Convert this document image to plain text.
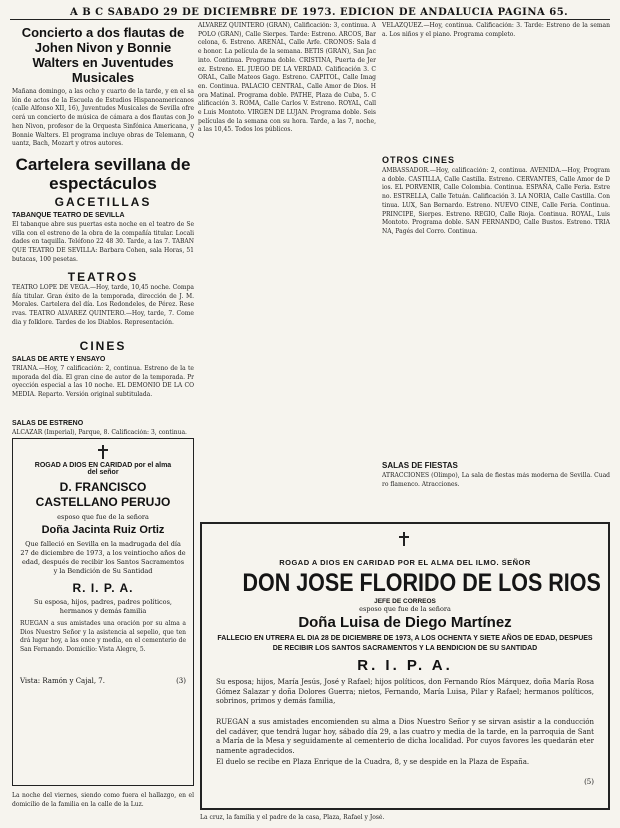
A B C SABADO 29 DE DICIEMBRE DE 1973. EDICION DE ANDALUCIA PAGINA 65.
Concierto a dos flautas de Johen Nivon y Bonnie Walters en Juventudes Musicales
Mañana domingo, a las ocho y cuarto de la tarde, y en el salón de actos de la Escuela de Estudios Hispanoamericanos (calle Alfonso XII, 16), Juventudes Musicales de Sevilla ofrecerá un concierto de música de cámara a dos flautas con Johen Nivon, profesor de la Orquesta Sinfónica Americana, y Bonnie Walters. El programa incluye obras de Telemann, Quantz, Bach, Mozart y otros autores.
Cartelera sevillana de espectáculos
GACETILLAS
TABANQUE TEATRO DE SEVILLA
El tabanque abre sus puertas esta noche en el teatro de Sevilla con el estreno de la obra de la compañía titular. Localidades en taquilla. Teléfono 22 48 30. Tarde, a las 7. TABANQUE TEATRO DE SEVILLA: Barbara Cohen, sala Horas, 51 butacas, 100 pesetas.
TEATROS
TEATRO LOPE DE VEGA.—Hoy, tarde, 10,45 noche. Compañía titular. Gran éxito de la temporada, dirección de J. M. Morales. Cartelera del día. Los Redondeles, de Pérez. Reservas. TEATRO ALVAREZ QUINTERO.—Hoy, tarde, 7. Comedia y folklore. Tardes de los Diablos. Representación.
CINES
SALAS DE ARTE Y ENSAYO
TRIANA.—Hoy, 7 calificación: 2, continua. Estreno de la temporada del día. El gran cine de autor de la temporada. Proyección especial a las 10 noche. EL DEMONIO DE LA COMEDIA. Reparto. Versión original subtitulada.
SALAS DE ESTRENO
ALCAZAR (Imperial), Parque, 8. Calificación: 3, continua.
ROGAD A DIOS EN CARIDAD por el alma del señor
D. FRANCISCO CASTELLANO PERUJO
esposo que fue de la señora
Doña Jacinta Ruiz Ortiz
Que falleció en Sevilla en la madrugada del día 27 de diciembre de 1973, a los veintiocho años de edad, después de recibir los Santos Sacramentos y la Bendición de Su Santidad
R. I. P. A.
Su esposa, hijos, padres, padres políticos, hermanos y demás familia
RUEGAN a sus amistades una oración por su alma a Dios Nuestro Señor y la asistencia al sepelio, que tendrá lugar hoy, a las once y media, en el cementerio de San Fernando. Domicilio: Vista Alegre, 5.
Vista: Ramón y Cajal, 7.	(3)
La noche del viernes, siendo como fuera el hallazgo, en el domicilio de la familia en la calle de la Luz.
ALVAREZ QUINTERO (GRAN), Calificación: 3, continua. APOLO (GRAN), Calle Sierpes. Tarde: Estreno. ARCOS, Barcelona, 6. Estreno. ARENAL, Calle Arfe. CRONOS: Sala de honor. La película de la semana. BETIS (GRAN), San Jacinto. Continua. Programa doble. CRISTINA, Puerta de Jerez. Estreno. EL JUEGO DE LA VERDAD. Calificación 3. CORAL, Calle Mateos Gago. Estreno. CAPITOL, Calle Imagen. Continua. PALACIO CENTRAL, Calle Amor de Dios. Hora Matinal. Programa doble. PATHE, Plaza de Cuba, 5. Calificación 3. ROMA, Calle Carlos V. Estreno. ROYAL, Calle Luis Montoto. VIRGEN DE LUJAN. Programa doble. Seis películas de la semana con su hora. Tarde, a las 7, noche, a las 10,45. Todos los públicos.
VELAZQUEZ.—Hoy, continua. Calificación: 3. Tarde: Estreno de la semana. Los niños y el piano. Programa completo.
OTROS CINES
AMBASSADOR.—Hoy, calificación: 2, continua. AVENIDA.—Hoy, Programa doble. CASTILLA, Calle Castilla. Estreno. CERVANTES, Calle Amor de Dios. EL PORVENIR, Calle Colombia. Continua. ESPAÑA, Calle Feria. Estreno. ESTRELLA, Calle Tetuán. Calificación 3. LA NORIA, Calle Castilla. Continua. LUX, San Bernardo. Estreno. NUEVO CINE, Calle Feria. Continua. PRINCIPE, Sierpes. Estreno. REGIO, Calle Rioja. Continua. ROYAL, Luis Montoto. Programa doble. SAN FERNANDO, Calle Bustos. Estreno. TRIANA, Pagés del Corro. Continua.
SALAS DE FIESTAS
ATRACCIONES (Olimpo), La sala de fiestas más moderna de Sevilla. Cuadro flamenco. Atracciones.
ROGAD A DIOS EN CARIDAD POR EL ALMA DEL ILMO. SEÑOR
DON JOSE FLORIDO DE LOS RIOS
JEFE DE CORREOS
esposo que fue de la señora
Doña Luisa de Diego Martínez
FALLECIO EN UTRERA EL DIA 28 DE DICIEMBRE DE 1973, A LOS OCHENTA Y SIETE AÑOS DE EDAD, DESPUES DE RECIBIR LOS SANTOS SACRAMENTOS Y LA BENDICION DE SU SANTIDAD
R. I. P. A.
Su esposa; hijos, María Jesús, José y Rafael; hijos políticos, don Fernando Ríos Márquez, doña María Rosa Gómez Salazar y doña Dolores Guerra; nietos, Fernando, María Luisa, Pilar y Rafael; hermanos políticos, sobrinos, primos y demás familia,
RUEGAN a sus amistades encomienden su alma a Dios Nuestro Señor y se sirvan asistir a la conducción del cadáver, que tendrá lugar hoy, sábado día 29, a las cuatro y media de la tarde, en la parroquia de Santa María de la Mesa y seguidamente al cementerio de dicha localidad. Por cuyos favores les quedarán eternamente agradecidos.
El duelo se recibe en Plaza Enrique de la Cuadra, 8, y se despide en la Plaza de España.
(5)
La cruz, la familia y el padre de la casa, Plaza, Rafael y José.
